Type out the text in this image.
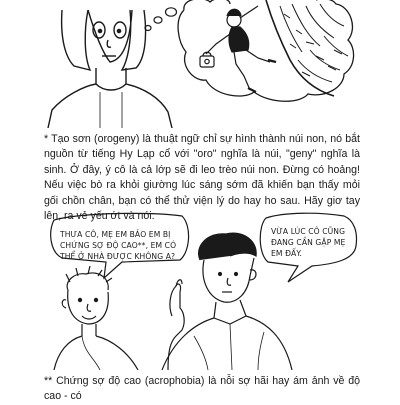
* Tạo sơn (orogeny) là thuật ngữ chỉ sự hình thành núi non, nó bắt nguồn từ tiếng Hy Lạp cổ với "oro" nghĩa là núi, "geny" nghĩa là sinh. Ở đây, ý cô là cả lớp sẽ đi leo trèo núi non. Đừng có hoảng! Nếu việc bò ra khỏi giường lúc sáng sớm đã khiến bạn thấy mỏi gối chồn chân, bạn có thể thử viện lý do hay ho sau. Hãy giơ tay lên, ra vẻ yếu ớt và nói:

THƯA CÔ, MẸ EM BẢO EM BỊ CHỨNG SỢ ĐỘ CAO**, EM CÓ THỂ Ở NHÀ ĐƯỢC KHÔNG Ạ?

VỪA LÚC CÔ CŨNG ĐANG CẦN GẶP MẸ EM ĐẤY.

** Chứng sợ độ cao (acrophobia) là nỗi sợ hãi hay ám ảnh về độ cao - có
